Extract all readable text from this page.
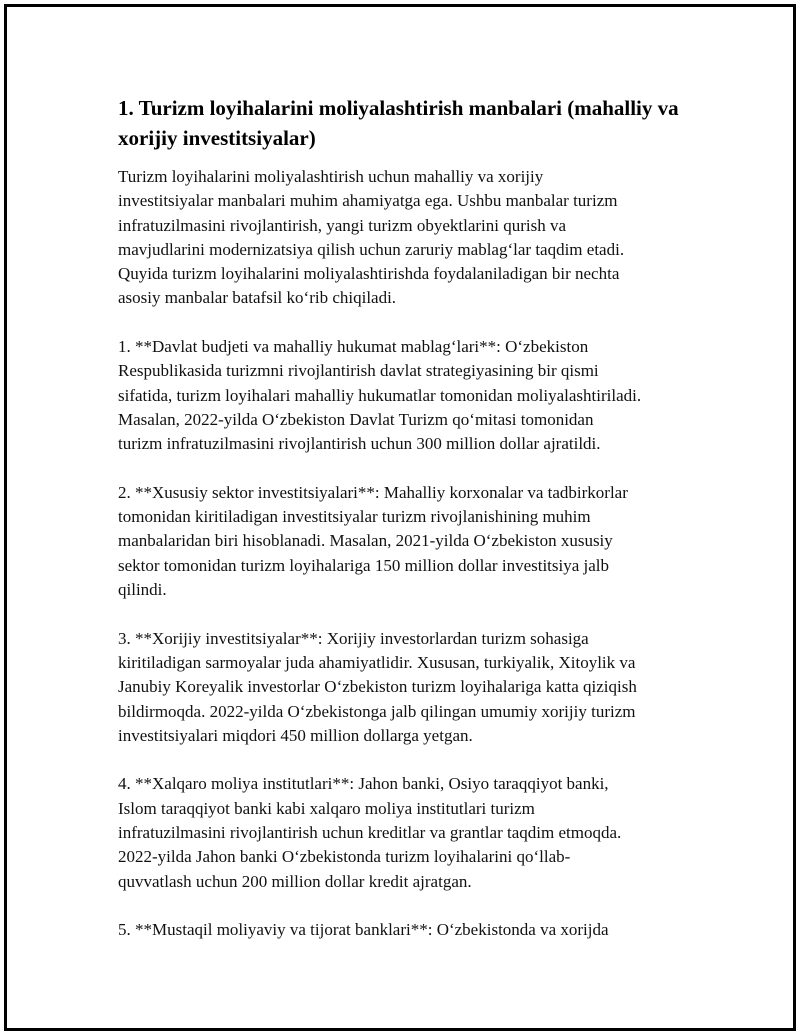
1. Turizm loyihalarini moliyalashtirish manbalari (mahalliy va
xorijiy investitsiyalar)

Turizm loyihalarini moliyalashtirish uchun mahalliy va xorijiy
investitsiyalar manbalari muhim ahamiyatga ega. Ushbu manbalar turizm
infratuzilmasini rivojlantirish, yangi turizm obyektlarini qurish va
mavjudlarini modernizatsiya qilish uchun zaruriy mablag‘lar taqdim etadi.
Quyida turizm loyihalarini moliyalashtirishda foydalaniladigan bir nechta
asosiy manbalar batafsil ko‘rib chiqiladi.

1. **Davlat budjeti va mahalliy hukumat mablag‘lari**: O‘zbekiston
Respublikasida turizmni rivojlantirish davlat strategiyasining bir qismi
sifatida, turizm loyihalari mahalliy hukumatlar tomonidan moliyalashtiriladi.
Masalan, 2022-yilda O‘zbekiston Davlat Turizm qo‘mitasi tomonidan
turizm infratuzilmasini rivojlantirish uchun 300 million dollar ajratildi.

2. **Xususiy sektor investitsiyalari**: Mahalliy korxonalar va tadbirkorlar
tomonidan kiritiladigan investitsiyalar turizm rivojlanishining muhim
manbalaridan biri hisoblanadi. Masalan, 2021-yilda O‘zbekiston xususiy
sektor tomonidan turizm loyihalariga 150 million dollar investitsiya jalb
qilindi.

3. **Xorijiy investitsiyalar**: Xorijiy investorlardan turizm sohasiga
kiritiladigan sarmoyalar juda ahamiyatlidir. Xususan, turkiyalik, Xitoylik va
Janubiy Koreyalik investorlar O‘zbekiston turizm loyihalariga katta qiziqish
bildirmoqda. 2022-yilda O‘zbekistonga jalb qilingan umumiy xorijiy turizm
investitsiyalari miqdori 450 million dollarga yetgan.

4. **Xalqaro moliya institutlari**: Jahon banki, Osiyo taraqqiyot banki,
Islom taraqqiyot banki kabi xalqaro moliya institutlari turizm
infratuzilmasini rivojlantirish uchun kreditlar va grantlar taqdim etmoqda.
2022-yilda Jahon banki O‘zbekistonda turizm loyihalarini qo‘llab-
quvvatlash uchun 200 million dollar kredit ajratgan.

5. **Mustaqil moliyaviy va tijorat banklari**: O‘zbekistonda va xorijda
